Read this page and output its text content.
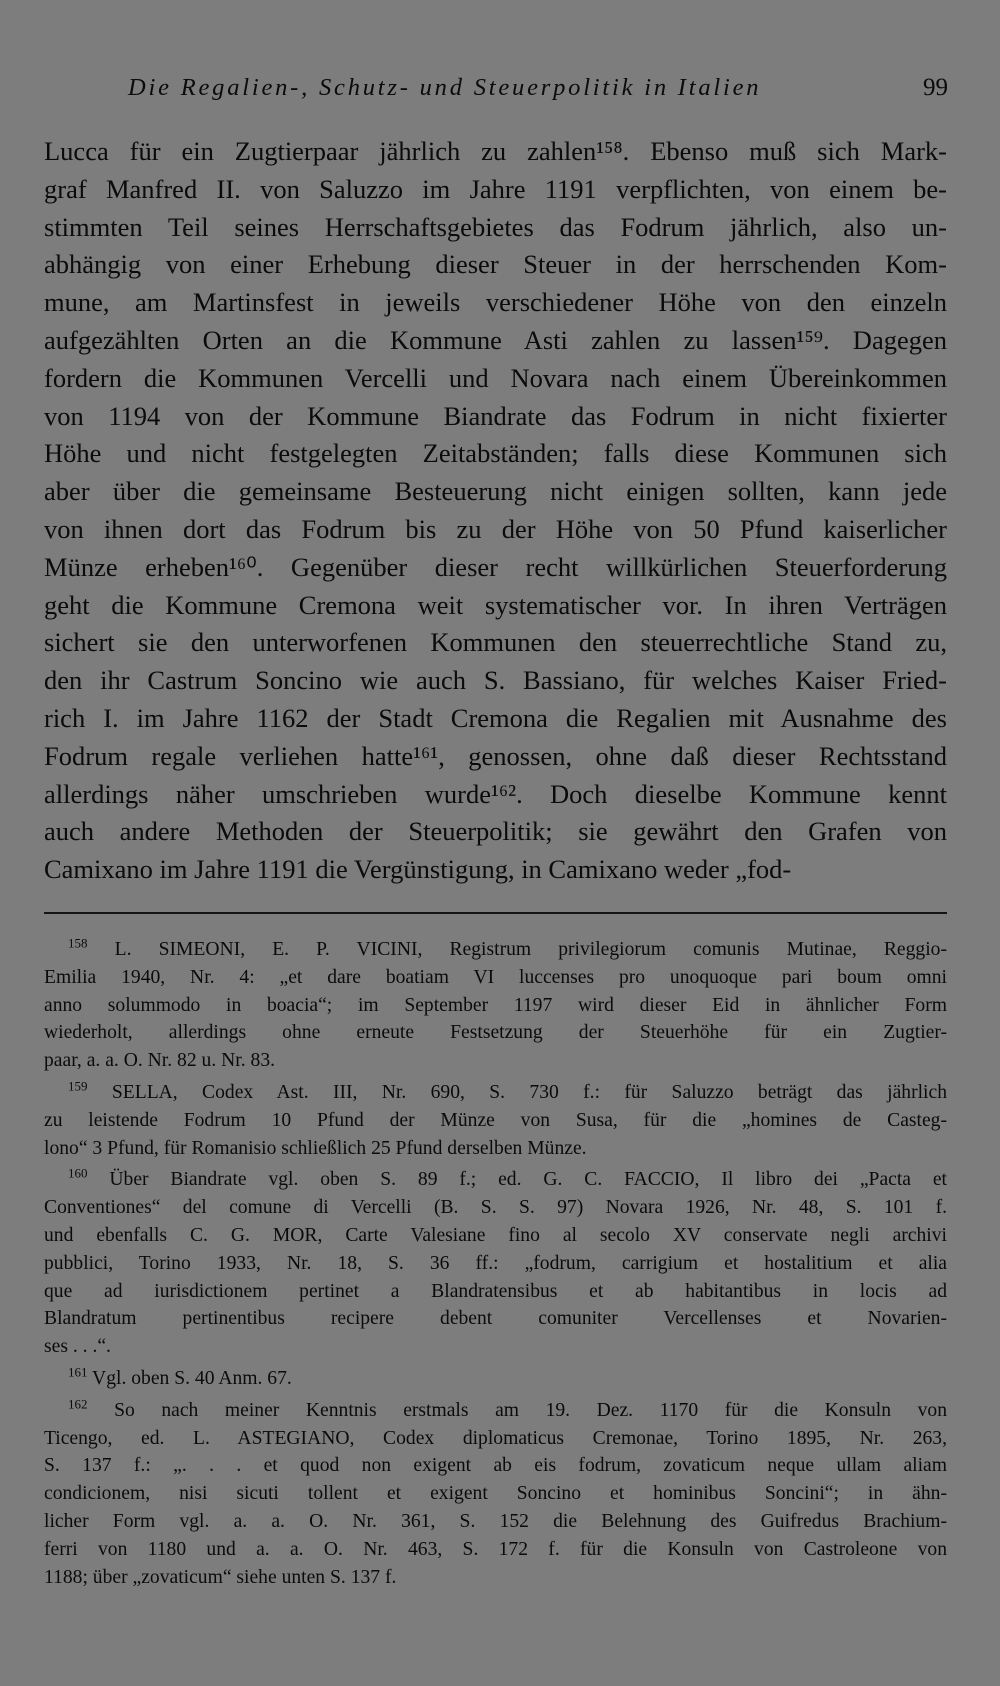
Die Regalien-, Schutz- und Steuerpolitik in Italien	99
Lucca für ein Zugtierpaar jährlich zu zahlen¹⁵⁸. Ebenso muß sich Mark-
graf Manfred II. von Saluzzo im Jahre 1191 verpflichten, von einem be-
stimmten Teil seines Herrschaftsgebietes das Fodrum jährlich, also un-
abhängig von einer Erhebung dieser Steuer in der herrschenden Kom-
mune, am Martinsfest in jeweils verschiedener Höhe von den einzeln
aufgezählten Orten an die Kommune Asti zahlen zu lassen¹⁵⁹. Dagegen
fordern die Kommunen Vercelli und Novara nach einem Übereinkommen
von 1194 von der Kommune Biandrate das Fodrum in nicht fixierter
Höhe und nicht festgelegten Zeitabständen; falls diese Kommunen sich
aber über die gemeinsame Besteuerung nicht einigen sollten, kann jede
von ihnen dort das Fodrum bis zu der Höhe von 50 Pfund kaiserlicher
Münze erheben¹⁶⁰. Gegenüber dieser recht willkürlichen Steuerforderung
geht die Kommune Cremona weit systematischer vor. In ihren Verträgen
sichert sie den unterworfenen Kommunen den steuerrechtliche Stand zu,
den ihr Castrum Soncino wie auch S. Bassiano, für welches Kaiser Fried-
rich I. im Jahre 1162 der Stadt Cremona die Regalien mit Ausnahme des
Fodrum regale verliehen hatte¹⁶¹, genossen, ohne daß dieser Rechtsstand
allerdings näher umschrieben wurde¹⁶². Doch dieselbe Kommune kennt
auch andere Methoden der Steuerpolitik; sie gewährt den Grafen von
Camixano im Jahre 1191 die Vergünstigung, in Camixano weder „fod-
$^{158}$ L. SIMEONI, E. P. VICINI, Registrum privilegiorum comunis Mutinae, Reggio-
Emilia 1940, Nr. 4: „et dare boatiam VI luccenses pro unoquoque pari boum omni
anno solummodo in boacia“; im September 1197 wird dieser Eid in ähnlicher Form
wiederholt, allerdings ohne erneute Festsetzung der Steuerhöhe für ein Zugtier-
paar, a. a. O. Nr. 82 u. Nr. 83.
$^{159}$ SELLA, Codex Ast. III, Nr. 690, S. 730 f.: für Saluzzo beträgt das jährlich
zu leistende Fodrum 10 Pfund der Münze von Susa, für die „homines de Casteg-
lono“ 3 Pfund, für Romanisio schließlich 25 Pfund derselben Münze.
$^{160}$ Über Biandrate vgl. oben S. 89 f.; ed. G. C. FACCIO, Il libro dei „Pacta et
Conventiones“ del comune di Vercelli (B. S. S. 97) Novara 1926, Nr. 48, S. 101 f.
und ebenfalls C. G. MOR, Carte Valesiane fino al secolo XV conservate negli archivi
pubblici, Torino 1933, Nr. 18, S. 36 ff.: „fodrum, carrigium et hostalitium et alia
que ad iurisdictionem pertinet a Blandratensibus et ab habitantibus in locis ad
Blandratum pertinentibus recipere debent comuniter Vercellenses et Novarien-
ses . . .“.
$^{161}$ Vgl. oben S. 40 Anm. 67.
$^{162}$ So nach meiner Kenntnis erstmals am 19. Dez. 1170 für die Konsuln von
Ticengo, ed. L. ASTEGIANO, Codex diplomaticus Cremonae, Torino 1895, Nr. 263,
S. 137 f.: „. . . et quod non exigent ab eis fodrum, zovaticum neque ullam aliam
condicionem, nisi sicuti tollent et exigent Soncino et hominibus Soncini“; in ähn-
licher Form vgl. a. a. O. Nr. 361, S. 152 die Belehnung des Guifredus Brachium-
ferri von 1180 und a. a. O. Nr. 463, S. 172 f. für die Konsuln von Castroleone von
1188; über „zovaticum“ siehe unten S. 137 f.
